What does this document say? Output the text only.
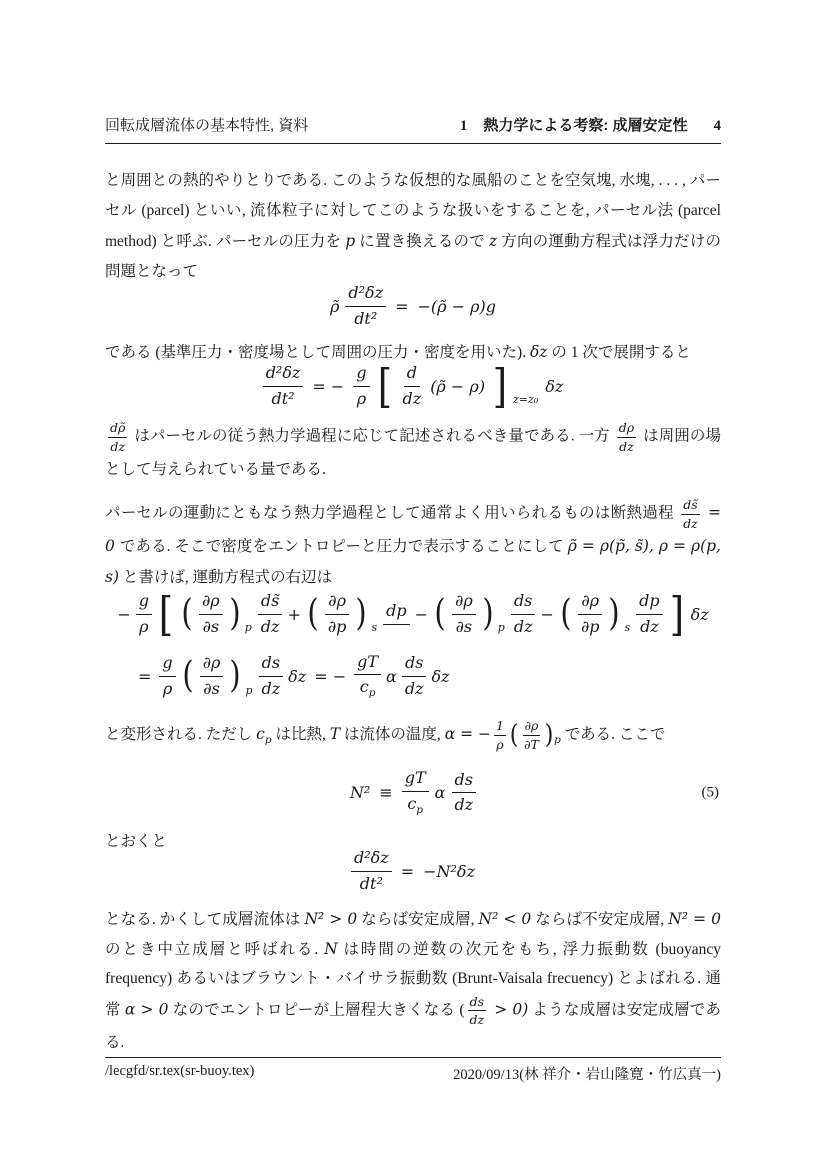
回転成層流体の基本特性, 資料	1 熱力学による考察: 成層安定性 4

と周囲との熱的やりとりである. このような仮想的な風船のことを空気塊, 水塊, . . . , パーセル (parcel) といい, 流体粒子に対してこのような扱いをすることを, パーセル法 (parcel method) と呼ぶ. パーセルの圧力を p に置き換えるので z 方向の運動方程式は浮力だけの問題となって

ρ̃ $\frac{\text{d²δz}}{\text{dt²}}$ = −(ρ̃ − ρ)g

である (基準圧力・密度場として周囲の圧力・密度を用いた). δz の 1 次で展開すると

$\frac{\text{d²δz}}{\text{dt²}}$ = − $\frac{g}{\rho}$ [ $\frac{d}{dz}$ (ρ̃ − ρ) ] z=z₀
δz

$\frac{d\rhõ}{dz}$ はパーセルの従う熱力学過程に応じて記述されるべき量である. 一方 $\frac{d\rho}{dz}$ は周囲の場として与えられている量である.

パーセルの運動にともなう熱力学過程として通常よく用いられるものは断熱過程 $\frac{ds̃}{dz} = 0$ である. そこで密度をエントロピーと圧力で表示することにして ρ̃ = ρ(p̃, s̃), ρ = ρ(p, s) と書けば, 運動方程式の右辺は

− $\frac{g}{\rho}$ [ ( $\frac{\partial\rho}{\partial s}$ ) p $\frac{ds̃}{dz}$ + ( $\frac{\partial\rho}{\partial p}$ ) s
dp − ( $\frac{\partial\rho}{\partial s}$ ) p $\frac{ds}{dz}$ − ( $\frac{\partial\rho}{\partial p}$ ) s $\frac{dp}{dz}$ ] δz
= $\frac{g}{\rho}$ ( $\frac{\partial\rho}{\partial s}$ ) p $\frac{ds}{dz}$ δz = − $\frac{gT}{c_p}$ α $\frac{ds}{dz}$ δz

と変形される. ただし $c_p$ は比熱, T は流体の温度, α = − $\frac{1}{\rho}$ ( $\frac{\partial\rho}{\partial T} )_p$ である. ここで

$N^2 \equiv \frac{gT}{c_p}$ α $\frac{ds}{dz}$	(5)

とおくと

$\frac{\text{d²δz}}{\text{dt²}} = -N^2\delta z$

となる. かくして成層流体は N² > 0 ならば安定成層, N² < 0 ならば不安定成層, N² = 0 のとき中立成層と呼ばれる. N は時間の逆数の次元をもち, 浮力振動数 (buoyancy frequency) あるいはブラウント・バイサラ振動数 (Brunt-Vaisala frecuency) とよばれる. 通常 α > 0 なのでエントロピーが上層程大きくなる ( $\frac{ds}{dz} > 0$) ような成層は安定成層である.

/lecgfd/sr.tex(sr-buoy.tex)	2020/09/13(林 祥介・岩山隆寛・竹広真一)
